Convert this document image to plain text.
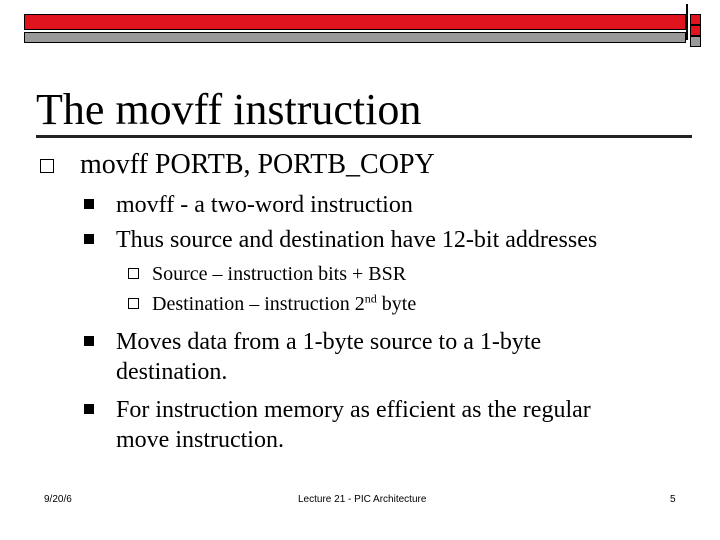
The movff instruction
movff PORTB, PORTB_COPY
movff - a two-word instruction
Thus source and destination have 12-bit addresses
Source – instruction bits + BSR
Destination – instruction 2nd byte
Moves data from a 1-byte source to a 1-byte
destination.
For instruction memory as efficient as the regular
move instruction.
9/20/6	Lecture 21 - PIC Architecture	5
